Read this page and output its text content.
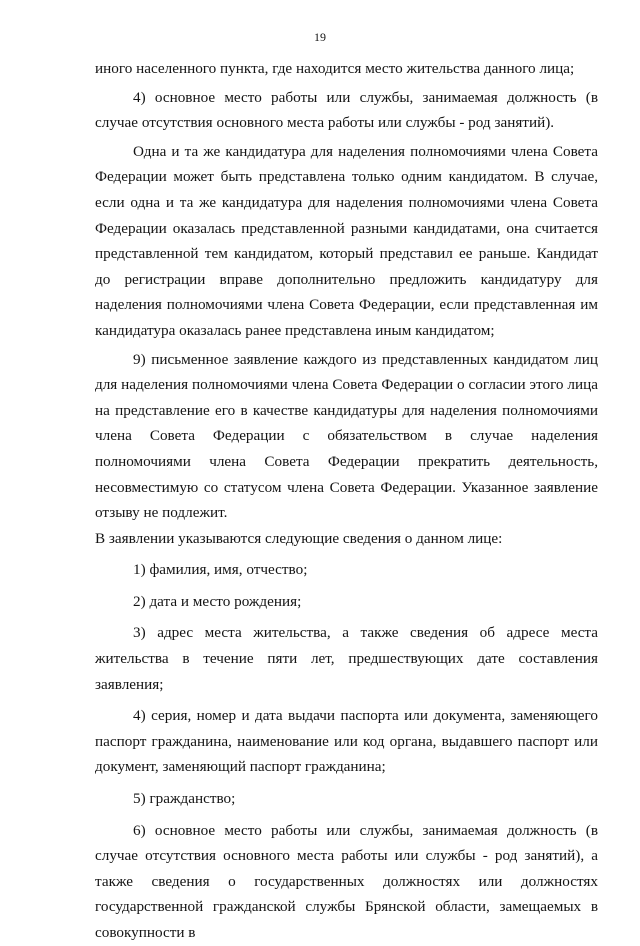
19

иного населенного пункта, где находится место жительства данного лица;

4) основное место работы или службы, занимаемая должность (в случае отсутствия основного места работы или службы - род занятий).

Одна и та же кандидатура для наделения полномочиями члена Совета Федерации может быть представлена только одним кандидатом. В случае, если одна и та же кандидатура для наделения полномочиями члена Совета Федерации оказалась представленной разными кандидатами, она считается представленной тем кандидатом, который представил ее раньше. Кандидат до регистрации вправе дополнительно предложить кандидатуру для наделения полномочиями члена Совета Федерации, если представленная им кандидатура оказалась ранее представлена иным кандидатом;

9) письменное заявление каждого из представленных кандидатом лиц для наделения полномочиями члена Совета Федерации о согласии этого лица на представление его в качестве кандидатуры для наделения полномочиями члена Совета Федерации с обязательством в случае наделения полномочиями члена Совета Федерации прекратить деятельность, несовместимую со статусом члена Совета Федерации. Указанное заявление отзыву не подлежит.

В заявлении указываются следующие сведения о данном лице:

1) фамилия, имя, отчество;

2) дата и место рождения;

3) адрес места жительства, а также сведения об адресе места жительства в течение пяти лет, предшествующих дате составления заявления;

4) серия, номер и дата выдачи паспорта или документа, заменяющего паспорт гражданина, наименование или код органа, выдавшего паспорт или документ, заменяющий паспорт гражданина;

5) гражданство;

6) основное место работы или службы, занимаемая должность (в случае отсутствия основного места работы или службы - род занятий), а также сведения о государственных должностях или должностях государственной гражданской службы Брянской области, замещаемых в совокупности в
